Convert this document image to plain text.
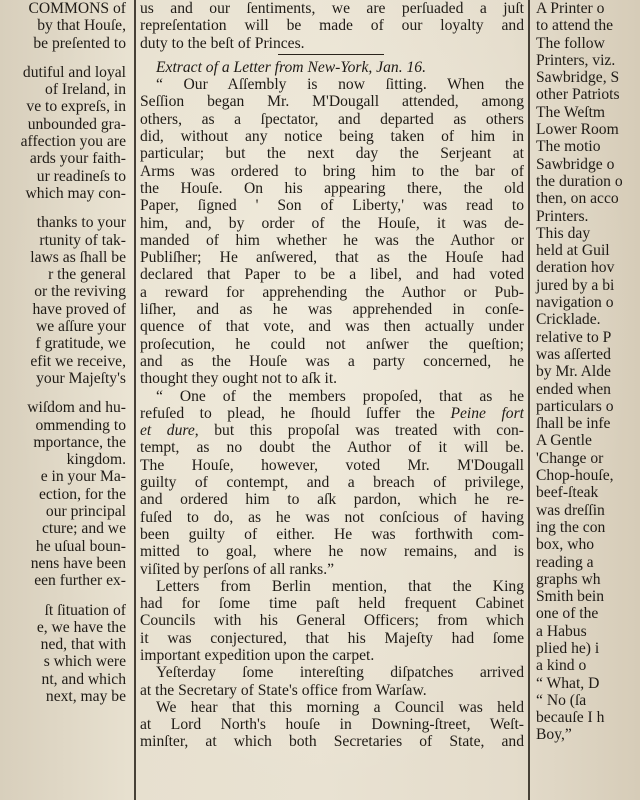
COMMONS of
by that Houſe,
be preſented to
dutiful and loyal
of Ireland, in
ve to expreſs, in
unbounded gra-
affection you are
ards your faith-
ur readineſs to
which may con-
thanks to your
rtunity of tak-
laws as ſhall be
r the general
or the reviving
have proved of
we aſſure your
f gratitude, we
efit we receive,
your Majeſty's
wiſdom and hu-
ommending to
mportance, the
kingdom.
e in your Ma-
ection, for the
our principal
cture; and we
he uſual boun-
nens have been
een further ex-
ſt ſituation of
e, we have the
ned, that with
s which were
nt, and which
next, may be
us and our ſentiments, we are perſuaded a juſt
repreſentation will be made of our loyalty and
duty to the beſt of Princes.
Extract of a Letter from New-York, Jan. 16.
“ Our Aſſembly is now ſitting. When the
Seſſion began Mr. M'Dougall attended, among
others, as a ſpectator, and departed as others
did, without any notice being taken of him in
particular; but the next day the Serjeant at
Arms was ordered to bring him to the bar of
the Houſe. On his appearing there, the old
Paper, ſigned ' Son of Liberty,' was read to
him, and, by order of the Houſe, it was de-
manded of him whether he was the Author or
Publiſher; He anſwered, that as the Houſe had
declared that Paper to be a libel, and had voted
a reward for apprehending the Author or Pub-
liſher, and as he was apprehended in conſe-
quence of that vote, and was then actually under
proſecution, he could not anſwer the queſtion;
and as the Houſe was a party concerned, he
thought they ought not to aſk it.
“ One of the members propoſed, that as he
refuſed to plead, he ſhould ſuffer the Peine fort
et dure, but this propoſal was treated with con-
tempt, as no doubt the Author of it will be.
The Houſe, however, voted Mr. M'Dougall
guilty of contempt, and a breach of privilege,
and ordered him to aſk pardon, which he re-
fuſed to do, as he was not conſcious of having
been guilty of either. He was forthwith com-
mitted to goal, where he now remains, and is
viſited by perſons of all ranks.”
Letters from Berlin mention, that the King
had for ſome time paſt held frequent Cabinet
Councils with his General Officers; from which
it was conjectured, that his Majeſty had ſome
important expedition upon the carpet.
Yeſterday ſome intereſting diſpatches arrived
at the Secretary of State's office from Warſaw.
We hear that this morning a Council was held
at Lord North's houſe in Downing-ſtreet, Weſt-
minſter, at which both Secretaries of State, and
A Printer o
to attend the
The follow
Printers, viz.
Sawbridge, S
other Patriots
The Weſtm
Lower Room
The motio
Sawbridge o
the duration o
then, on acco
Printers.
This day
held at Guil
deration hov
jured by a bi
navigation o
Cricklade.
relative to P
was aſſerted
by Mr. Alde
ended when
particulars o
ſhall be infe
A Gentle
'Change or
Chop-houſe,
beef-ſteak
was dreſſin
ing the con
box, who
reading a
graphs wh
Smith bein
one of the
a Habus
plied he) i
a kind o
“ What, D
“ No (ſa
becauſe I h
Boy,”
